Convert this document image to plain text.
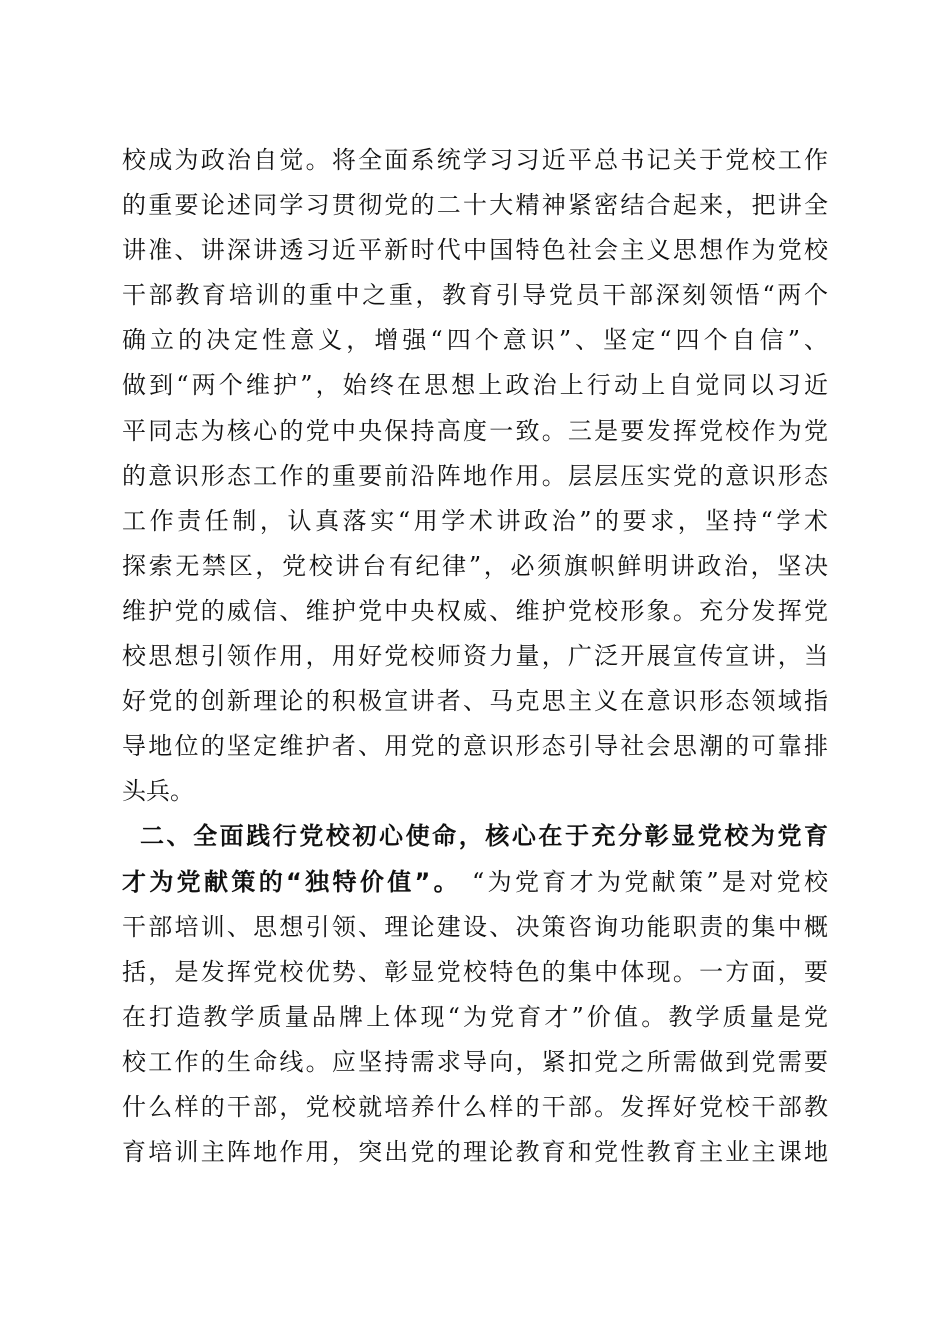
校成为政治自觉。将全面系统学习习近平总书记关于党校工作
的重要论述同学习贯彻党的二十大精神紧密结合起来，把讲全
讲准、讲深讲透习近平新时代中国特色社会主义思想作为党校
干部教育培训的重中之重，教育引导党员干部深刻领悟“两个
确立的决定性意义，增强“四个意识”、坚定“四个自信”、
做到“两个维护”，始终在思想上政治上行动上自觉同以习近
平同志为核心的党中央保持高度一致。三是要发挥党校作为党
的意识形态工作的重要前沿阵地作用。层层压实党的意识形态
工作责任制，认真落实“用学术讲政治”的要求，坚持“学术
探索无禁区，党校讲台有纪律”，必须旗帜鲜明讲政治，坚决
维护党的威信、维护党中央权威、维护党校形象。充分发挥党
校思想引领作用，用好党校师资力量，广泛开展宣传宣讲，当
好党的创新理论的积极宣讲者、马克思主义在意识形态领域指
导地位的坚定维护者、用党的意识形态引导社会思潮的可靠排
头兵。
二、全面践行党校初心使命，核心在于充分彰显党校为党育
才为党献策的“独特价值”。 “为党育才为党献策”是对党校
干部培训、思想引领、理论建设、决策咨询功能职责的集中概
括，是发挥党校优势、彰显党校特色的集中体现。一方面，要
在打造教学质量品牌上体现“为党育才”价值。教学质量是党
校工作的生命线。应坚持需求导向，紧扣党之所需做到党需要
什么样的干部，党校就培养什么样的干部。发挥好党校干部教
育培训主阵地作用，突出党的理论教育和党性教育主业主课地
